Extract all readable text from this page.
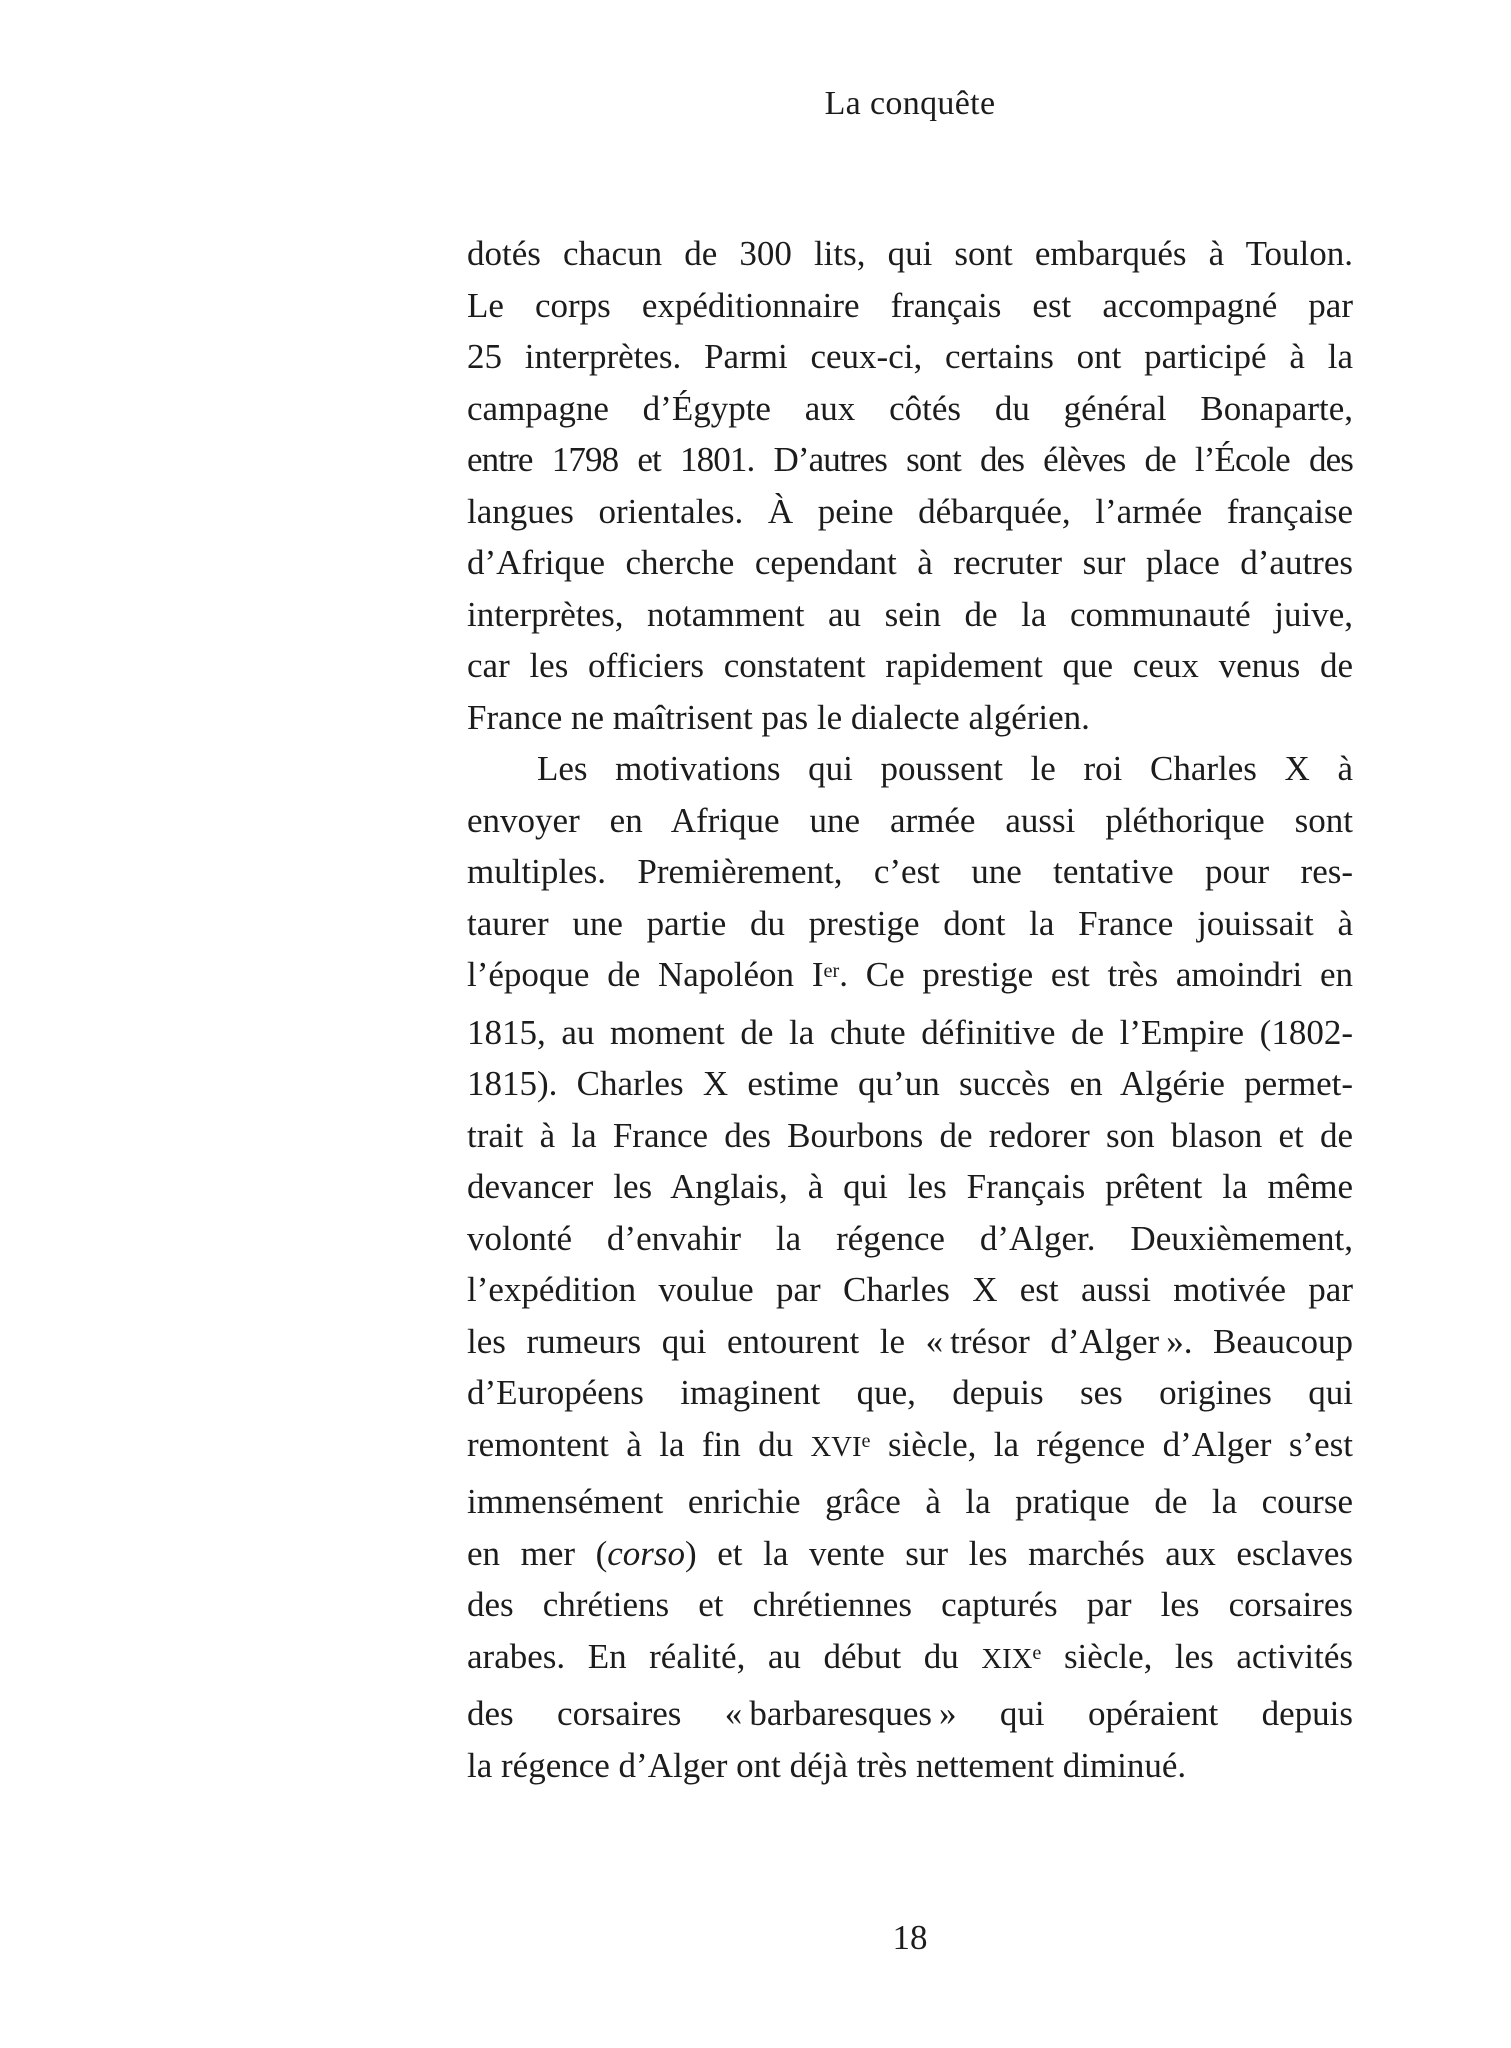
La conquête
dotés chacun de 300 lits, qui sont embarqués à Toulon.
Le corps expéditionnaire français est accompagné par
25 interprètes. Parmi ceux-ci, certains ont participé à la
campagne d’Égypte aux côtés du général Bonaparte,
entre 1798 et 1801. D’autres sont des élèves de l’École des
langues orientales. À peine débarquée, l’armée française
d’Afrique cherche cependant à recruter sur place d’autres
interprètes, notamment au sein de la communauté juive,
car les officiers constatent rapidement que ceux venus de
France ne maîtrisent pas le dialecte algérien.
Les motivations qui poussent le roi Charles X à
envoyer en Afrique une armée aussi pléthorique sont
multiples. Premièrement, c’est une tentative pour res-
taurer une partie du prestige dont la France jouissait à
l’époque de Napoléon Ier. Ce prestige est très amoindri en
1815, au moment de la chute définitive de l’Empire (1802-
1815). Charles X estime qu’un succès en Algérie permet-
trait à la France des Bourbons de redorer son blason et de
devancer les Anglais, à qui les Français prêtent la même
volonté d’envahir la régence d’Alger. Deuxièmement,
l’expédition voulue par Charles X est aussi motivée par
les rumeurs qui entourent le « trésor d’Alger ». Beaucoup
d’Européens imaginent que, depuis ses origines qui
remontent à la fin du XVIe siècle, la régence d’Alger s’est
immensément enrichie grâce à la pratique de la course
en mer (corso) et la vente sur les marchés aux esclaves
des chrétiens et chrétiennes capturés par les corsaires
arabes. En réalité, au début du XIXe siècle, les activités
des corsaires « barbaresques » qui opéraient depuis
la régence d’Alger ont déjà très nettement diminué.
18
